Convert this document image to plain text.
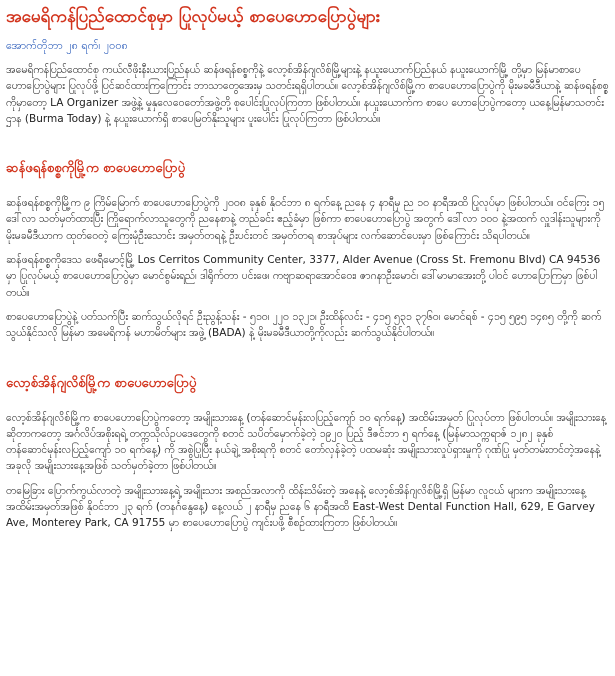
အမေရိကန်ပြည်ထောင်စုမှာ ပြုလုပ်မယ့် စာပေဟောပြောပွဲများ
အောက်တိုဘာ ၂၈ ရက်၊ ၂၀၀၈

အမေရိကန်ပြည်ထောင်စု ကယ်လီဖိုးနီးယားပြည်နယ် ဆန်ဖရန်စစ္စကိုနဲ့ လော့စ်အိန်ဂျလိစ်မြို့များနဲ့ နယူးယောက်ပြည်နယ် နယူးယောက်မြို့ တို့မှာ မြန်မာစာပေဟောပြောပွဲများ ပြုလုပ်ဖို့ ပြင်ဆင်ထားကြကြောင်း ဘာသာတွေအေးမှ သတင်းရရှိပါတယ်။ လော့စ်အိန်ဂျလိစ်မြို့က စာပေဟောပြောပွဲကို မိုးမခမီဒီယာနဲ့ ဆန်ဖရန်စစ္စကိုမှာတော့ LA Organizer အဖွဲ့နဲ့ မှုနှလေဝေတော်အဖွဲ့တို့ စုပေါင်းပြုလုပ်ကြတာ ဖြစ်ပါတယ်။ နယူးယောက်က စာပေ ဟောပြောပွဲကတော့ ယနေ့မြန်မာသတင်းဌာန (Burma Today) နဲ့ နယူးယောက်ရှိ စာပေမြတ်နိုးသူများ ပူးပေါင်း ပြုလုပ်ကြတာ ဖြစ်ပါတယ်။

ဆန်ဖရန်စစ္စကိုမြို့က စာပေဟောပြောပွဲ

ဆန်ဖရန်စစ္စကိုမြို့က ၉ ကြိမ်မြောက် စာပေဟောပြောပွဲကို ၂၀၀၈ ခုနှစ် နိုဝင်ဘာ ၈ ရက်နေ့ ညနေ ၄ နာရီမှ ည ၁၀ နာရီအထိ ပြုလုပ်မှာ ဖြစ်ပါတယ်။ ဝင်ကြေး ၁၅ ဒေါ်လာ သတ်မှတ်ထားပြီး ကြိုရောက်လာသူတွေကို ညနေစာနဲ့ တည်ခင်း ဧည့်ခံမှာ ဖြစ်ကာ စာပေဟောပြောပွဲ အတွက် ဒေါ်လာ ၁၀၀ နဲ့အထက် လှူဒါန်းသူများကို မိုးမခမီဒီယာက ထုတ်ဝေတဲ့ ကြေးမုံဦးသောင်း အမှတ်တရနဲ့ ဦးပင်းတင် အမှတ်တရ စာအုပ်များ လက်ဆောင်ပေးမှာ ဖြစ်ကြောင်း သိရပါတယ်။

ဆန်ဖရန်စစ္စကိုဒေသ ဖေရီမောင့်မြို့ Los Cerritos Community Center, 3377, Alder Avenue (Cross St. Fremonu Blvd) CA 94536 မှာ ပြုလုပ်မယ့် စာပေဟောပြောပွဲမှာ မောင်စွမ်းရည်၊ ဒါရိုက်တာ ပင်းဖေ၊ ကဗျာဆရာအောင်ဝေး၊ ဇာဂနာဦးမောင်၊ ဒေါ်မာမာအေးတို့ ပါဝင် ဟောပြောကြမှာ ဖြစ်ပါတယ်။

စာပေဟောပြောပွဲနဲ့ ပတ်သက်ပြီး ဆက်သွယ်လိုရင် ဦးညွန့်သန်း - ၅၁၀၊ ၂၂၀ ၁၃၂၁၊ ဦးထိန်လင်း - ၄၁၅ ၅၃၁ ၃၇၆၀၊ မောင်ရစ် - ၄၁၅ ၅၉၅ ၁၄၈၅ တို့ကို ဆက်သွယ်နိုင်သလို မြန်မာ အမေရိကန် မဟာမိတ်များ အဖွဲ့ (BADA) နဲ့ မိုးမခမီဒီယာတို့ကိုလည်း ဆက်သွယ်နိုင်ပါတယ်။

လော့စ်အိန်ဂျလိစ်မြို့က စာပေဟောပြောပွဲ

လော့စ်အိန်ဂျလိစ်မြို့က စာပေဟောပြောပွဲကတော့ အမျိုးသားနေ့ (တန်ဆောင်မုန်းလပြည့်ကျော် ၁၀ ရက်နေ့) အထိမ်းအမှတ် ပြုလုပ်တာ ဖြစ်ပါတယ်။ အမျိုးသားနေ့ဆိုတာကတော့ အင်္ဂလိပ်အစိုးရရဲ့ တက္ကသိုလ်ဥပဒေတွေကို စတင် သပိတ်မှောက်ခဲ့တဲ့ ၁၉၂၀ ပြည့် ဒီဇင်ဘာ ၅ ရက်နေ့ (မြန်မာသက္ကရာဇ် ၁၂၈၂ ခုနှစ် တန်ဆောင်မုန်းလပြည့်ကျော် ၁၀ ရက်နေ့) ကို အစွဲပြုပြီး နယ်ချဲ့ အစိုးရကို စတင် တော်လှန်ခဲ့တဲ့ ပထမဆုံး အမျိုးသားလှုပ်ရှားမှုကို ဂုဏ်ပြု မှတ်တမ်းတင်တဲ့အနေနဲ့ အခုလို အမျိုးသားနေ့အဖြစ် သတ်မှတ်ခဲ့တာ ဖြစ်ပါတယ်။

တမြေခြား ပြောက်ကွယ်လာတဲ့ အမျိုးသားနေ့ရဲ့ အမျိုးသား အစည်အလာကို ထိန်းသိမ်းတဲ့ အနေနဲ့ လော့စ်အိန်ဂျလိစ်မြို့ရှိ မြန်မာ လူငယ် များက အမျိုးသားနေ့ အထိမ်းအမှတ်အဖြစ် နိုဝင်ဘာ ၂၃ ရက် (တနင်္ဂနွေနေ့) နေ့လယ် ၂ နာရီမှ ညနေ ၆ နာရီအထိ East-West Dental Function Hall, 629, E Garvey Ave, Monterey Park, CA 91755 မှာ စာပေဟောပြောပွဲ ကျင်းပဖို့ စီစဉ်ထားကြတာ ဖြစ်ပါတယ်။
